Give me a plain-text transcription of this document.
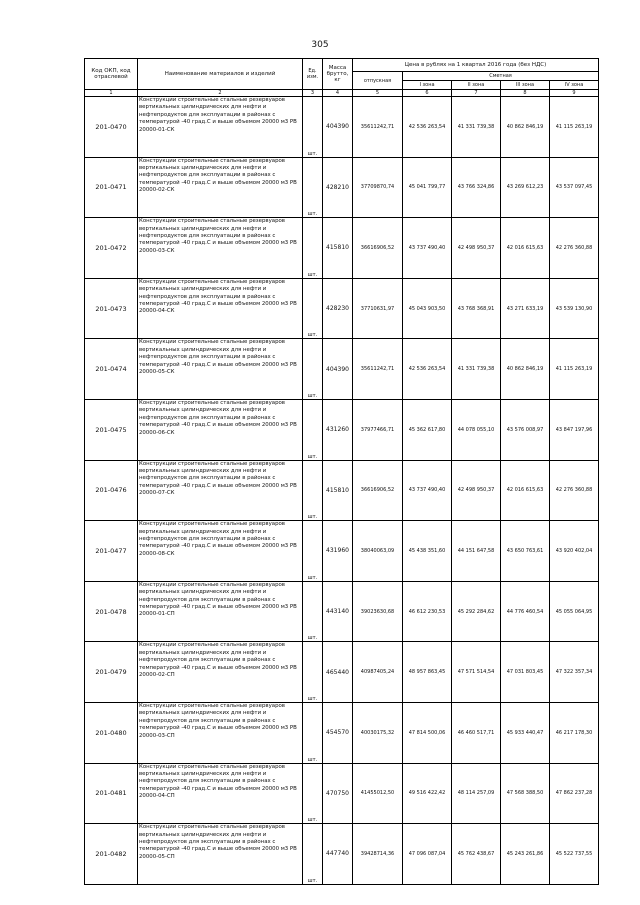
305
Код ОКП, код отраслевой	Наименование материалов и изделий	Ед. изм.	Масса брутто, кг	Цена в рублях на 1 квартал 2016 года (без НДС)				
				отпускная	Сметная			
					I зона	II зона	III зона	IV зона

1	2	3	4	5	6	7	8	9
201-0470	Конструкции строительные стальные резервуаров вертикальных цилиндрических для нефти и нефтепродуктов для эксплуатации в районах с температурой -40 град.С и выше объемом 20000 м3 РВ 20000-01-СК	шт.	404390	35611242,71	42 536 263,54	41 331 739,38	40 862 846,19	41 115 263,19
201-0471	Конструкции строительные стальные резервуаров вертикальных цилиндрических для нефти и нефтепродуктов для эксплуатации в районах с температурой -40 град.С и выше объемом 20000 м3 РВ 20000-02-СК	шт.	428210	37709870,74	45 041 799,77	43 766 324,86	43 269 612,23	43 537 097,45
201-0472	Конструкции строительные стальные резервуаров вертикальных цилиндрических для нефти и нефтепродуктов для эксплуатации в районах с температурой -40 град.С и выше объемом 20000 м3 РВ 20000-03-СК	шт.	415810	36616906,52	43 737 490,40	42 498 950,37	42 016 615,63	42 276 360,88
201-0473	Конструкции строительные стальные резервуаров вертикальных цилиндрических для нефти и нефтепродуктов для эксплуатации в районах с температурой -40 град.С и выше объемом 20000 м3 РВ 20000-04-СК	шт.	428230	37710631,97	45 043 903,50	43 768 368,91	43 271 633,19	43 539 130,90
201-0474	Конструкции строительные стальные резервуаров вертикальных цилиндрических для нефти и нефтепродуктов для эксплуатации в районах с температурой -40 град.С и выше объемом 20000 м3 РВ 20000-05-СК	шт.	404390	35611242,71	42 536 263,54	41 331 739,38	40 862 846,19	41 115 263,19
201-0475	Конструкции строительные стальные резервуаров вертикальных цилиндрических для нефти и нефтепродуктов для эксплуатации в районах с температурой -40 град.С и выше объемом 20000 м3 РВ 20000-06-СК	шт.	431260	37977466,71	45 362 617,80	44 078 055,10	43 576 008,97	43 847 197,96
201-0476	Конструкции строительные стальные резервуаров вертикальных цилиндрических для нефти и нефтепродуктов для эксплуатации в районах с температурой -40 град.С и выше объемом 20000 м3 РВ 20000-07-СК	шт.	415810	36616906,52	43 737 490,40	42 498 950,37	42 016 615,63	42 276 360,88
201-0477	Конструкции строительные стальные резервуаров вертикальных цилиндрических для нефти и нефтепродуктов для эксплуатации в районах с температурой -40 град.С и выше объемом 20000 м3 РВ 20000-08-СК	шт.	431960	38040063,09	45 438 351,60	44 151 647,58	43 650 763,61	43 920 402,04
201-0478	Конструкции строительные стальные резервуаров вертикальных цилиндрических для нефти и нефтепродуктов для эксплуатации в районах с температурой -40 град.С и выше объемом 20000 м3 РВ 20000-01-СП	шт.	443140	39023630,68	46 612 230,53	45 292 284,62	44 776 460,54	45 055 064,95
201-0479	Конструкции строительные стальные резервуаров вертикальных цилиндрических для нефти и нефтепродуктов для эксплуатации в районах с температурой -40 град.С и выше объемом 20000 м3 РВ 20000-02-СП	шт.	465440	40987405,24	48 957 863,45	47 571 514,54	47 031 803,45	47 322 357,34
201-0480	Конструкции строительные стальные резервуаров вертикальных цилиндрических для нефти и нефтепродуктов для эксплуатации в районах с температурой -40 град.С и выше объемом 20000 м3 РВ 20000-03-СП	шт.	454570	40030175,32	47 814 500,06	46 460 517,71	45 933 440,47	46 217 178,30
201-0481	Конструкции строительные стальные резервуаров вертикальных цилиндрических для нефти и нефтепродуктов для эксплуатации в районах с температурой -40 град.С и выше объемом 20000 м3 РВ 20000-04-СП	шт.	470750	41455012,50	49 516 422,42	48 114 257,09	47 568 388,50	47 862 237,28
201-0482	Конструкции строительные стальные резервуаров вертикальных цилиндрических для нефти и нефтепродуктов для эксплуатации в районах с температурой -40 град.С и выше объемом 20000 м3 РВ 20000-05-СП	шт.	447740	39428714,36	47 096 087,04	45 762 438,67	45 243 261,86	45 522 737,55
